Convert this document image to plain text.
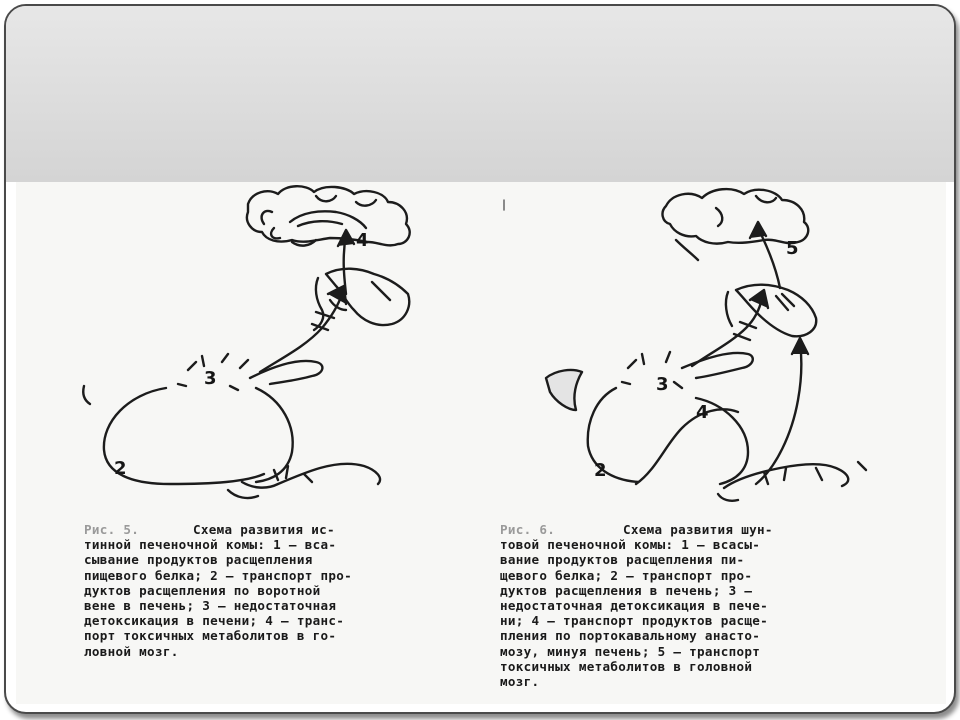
4
3
2
5
3
4
2
Рис. 5.	Схема развития ис-
тинной печеночной комы: 1 — вса-
сывание продуктов расщепления
пищевого белка; 2 — транспорт про-
дуктов расщепления по воротной
вене в печень; 3 — недостаточная
детоксикация в печени; 4 — транс-
порт токсичных метаболитов в го-
ловной мозг.
Рис. 6.	Схема развития шун-
товой печеночной комы: 1 — всасы-
вание продуктов расщепления пи-
щевого белка; 2 — транспорт про-
дуктов расщепления в печень; 3 —
недостаточная детоксикация в пече-
ни; 4 — транспорт продуктов расще-
пления по портокавальному анасто-
мозу, минуя печень; 5 — транспорт
токсичных метаболитов в головной
мозг.
